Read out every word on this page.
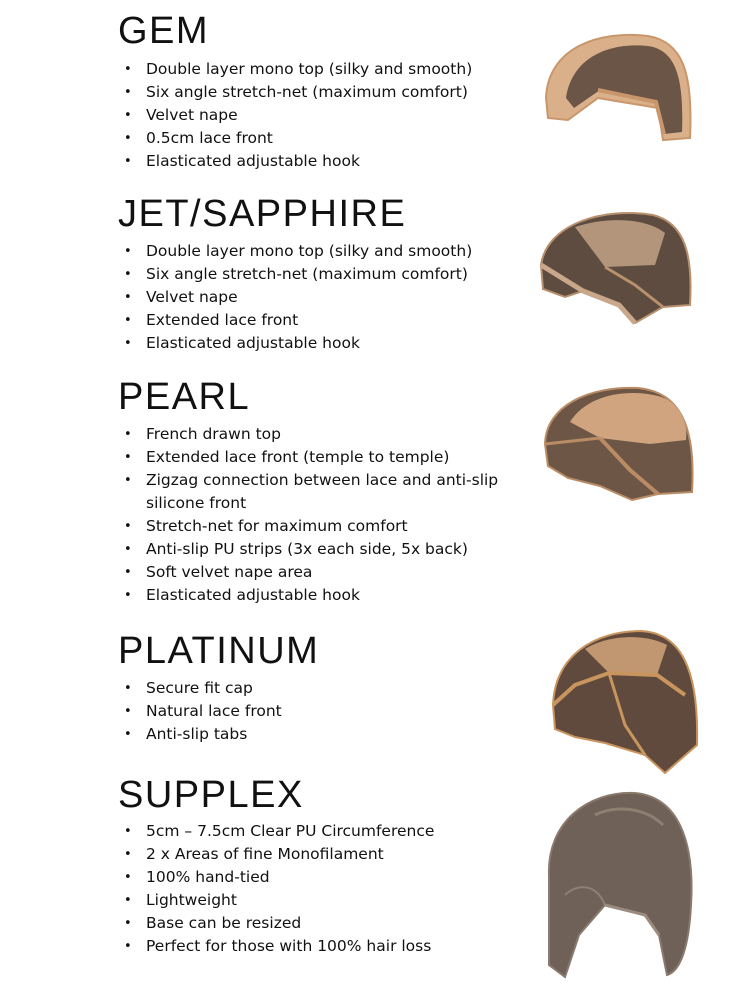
GEM
• Double layer mono top (silky and smooth)
• Six angle stretch-net (maximum comfort)
• Velvet nape
• 0.5cm lace front
• Elasticated adjustable hook
JET/SAPPHIRE
• Double layer mono top (silky and smooth)
• Six angle stretch-net (maximum comfort)
• Velvet nape
• Extended lace front
• Elasticated adjustable hook
PEARL
• French drawn top
• Extended lace front (temple to temple)
• Zigzag connection between lace and anti-slip silicone front
• Stretch-net for maximum comfort
• Anti-slip PU strips (3x each side, 5x back)
• Soft velvet nape area
• Elasticated adjustable hook
PLATINUM
• Secure fit cap
• Natural lace front
• Anti-slip tabs
SUPPLEX
• 5cm – 7.5cm Clear PU Circumference
• 2 x Areas of fine Monofilament
• 100% hand-tied
• Lightweight
• Base can be resized
• Perfect for those with 100% hair loss
